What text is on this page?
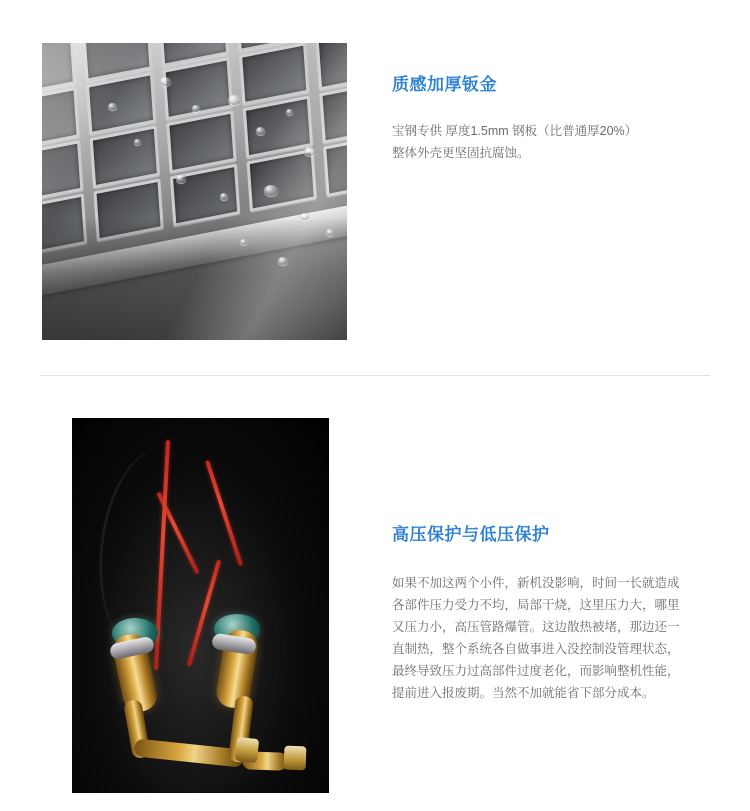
质感加厚钣金

宝钢专供 厚度1.5mm 钢板（比普通厚20%）

整体外壳更坚固抗腐蚀。

高压保护与低压保护

如果不加这两个小件，新机没影响，时间一长就造成各部件压力受力不均，局部干烧，这里压力大，哪里又压力小，高压管路爆管。这边散热被堵，那边还一直制热，整个系统各自做事进入没控制没管理状态，最终导致压力过高部件过度老化，而影响整机性能，提前进入报废期。当然不加就能省下部分成本。
